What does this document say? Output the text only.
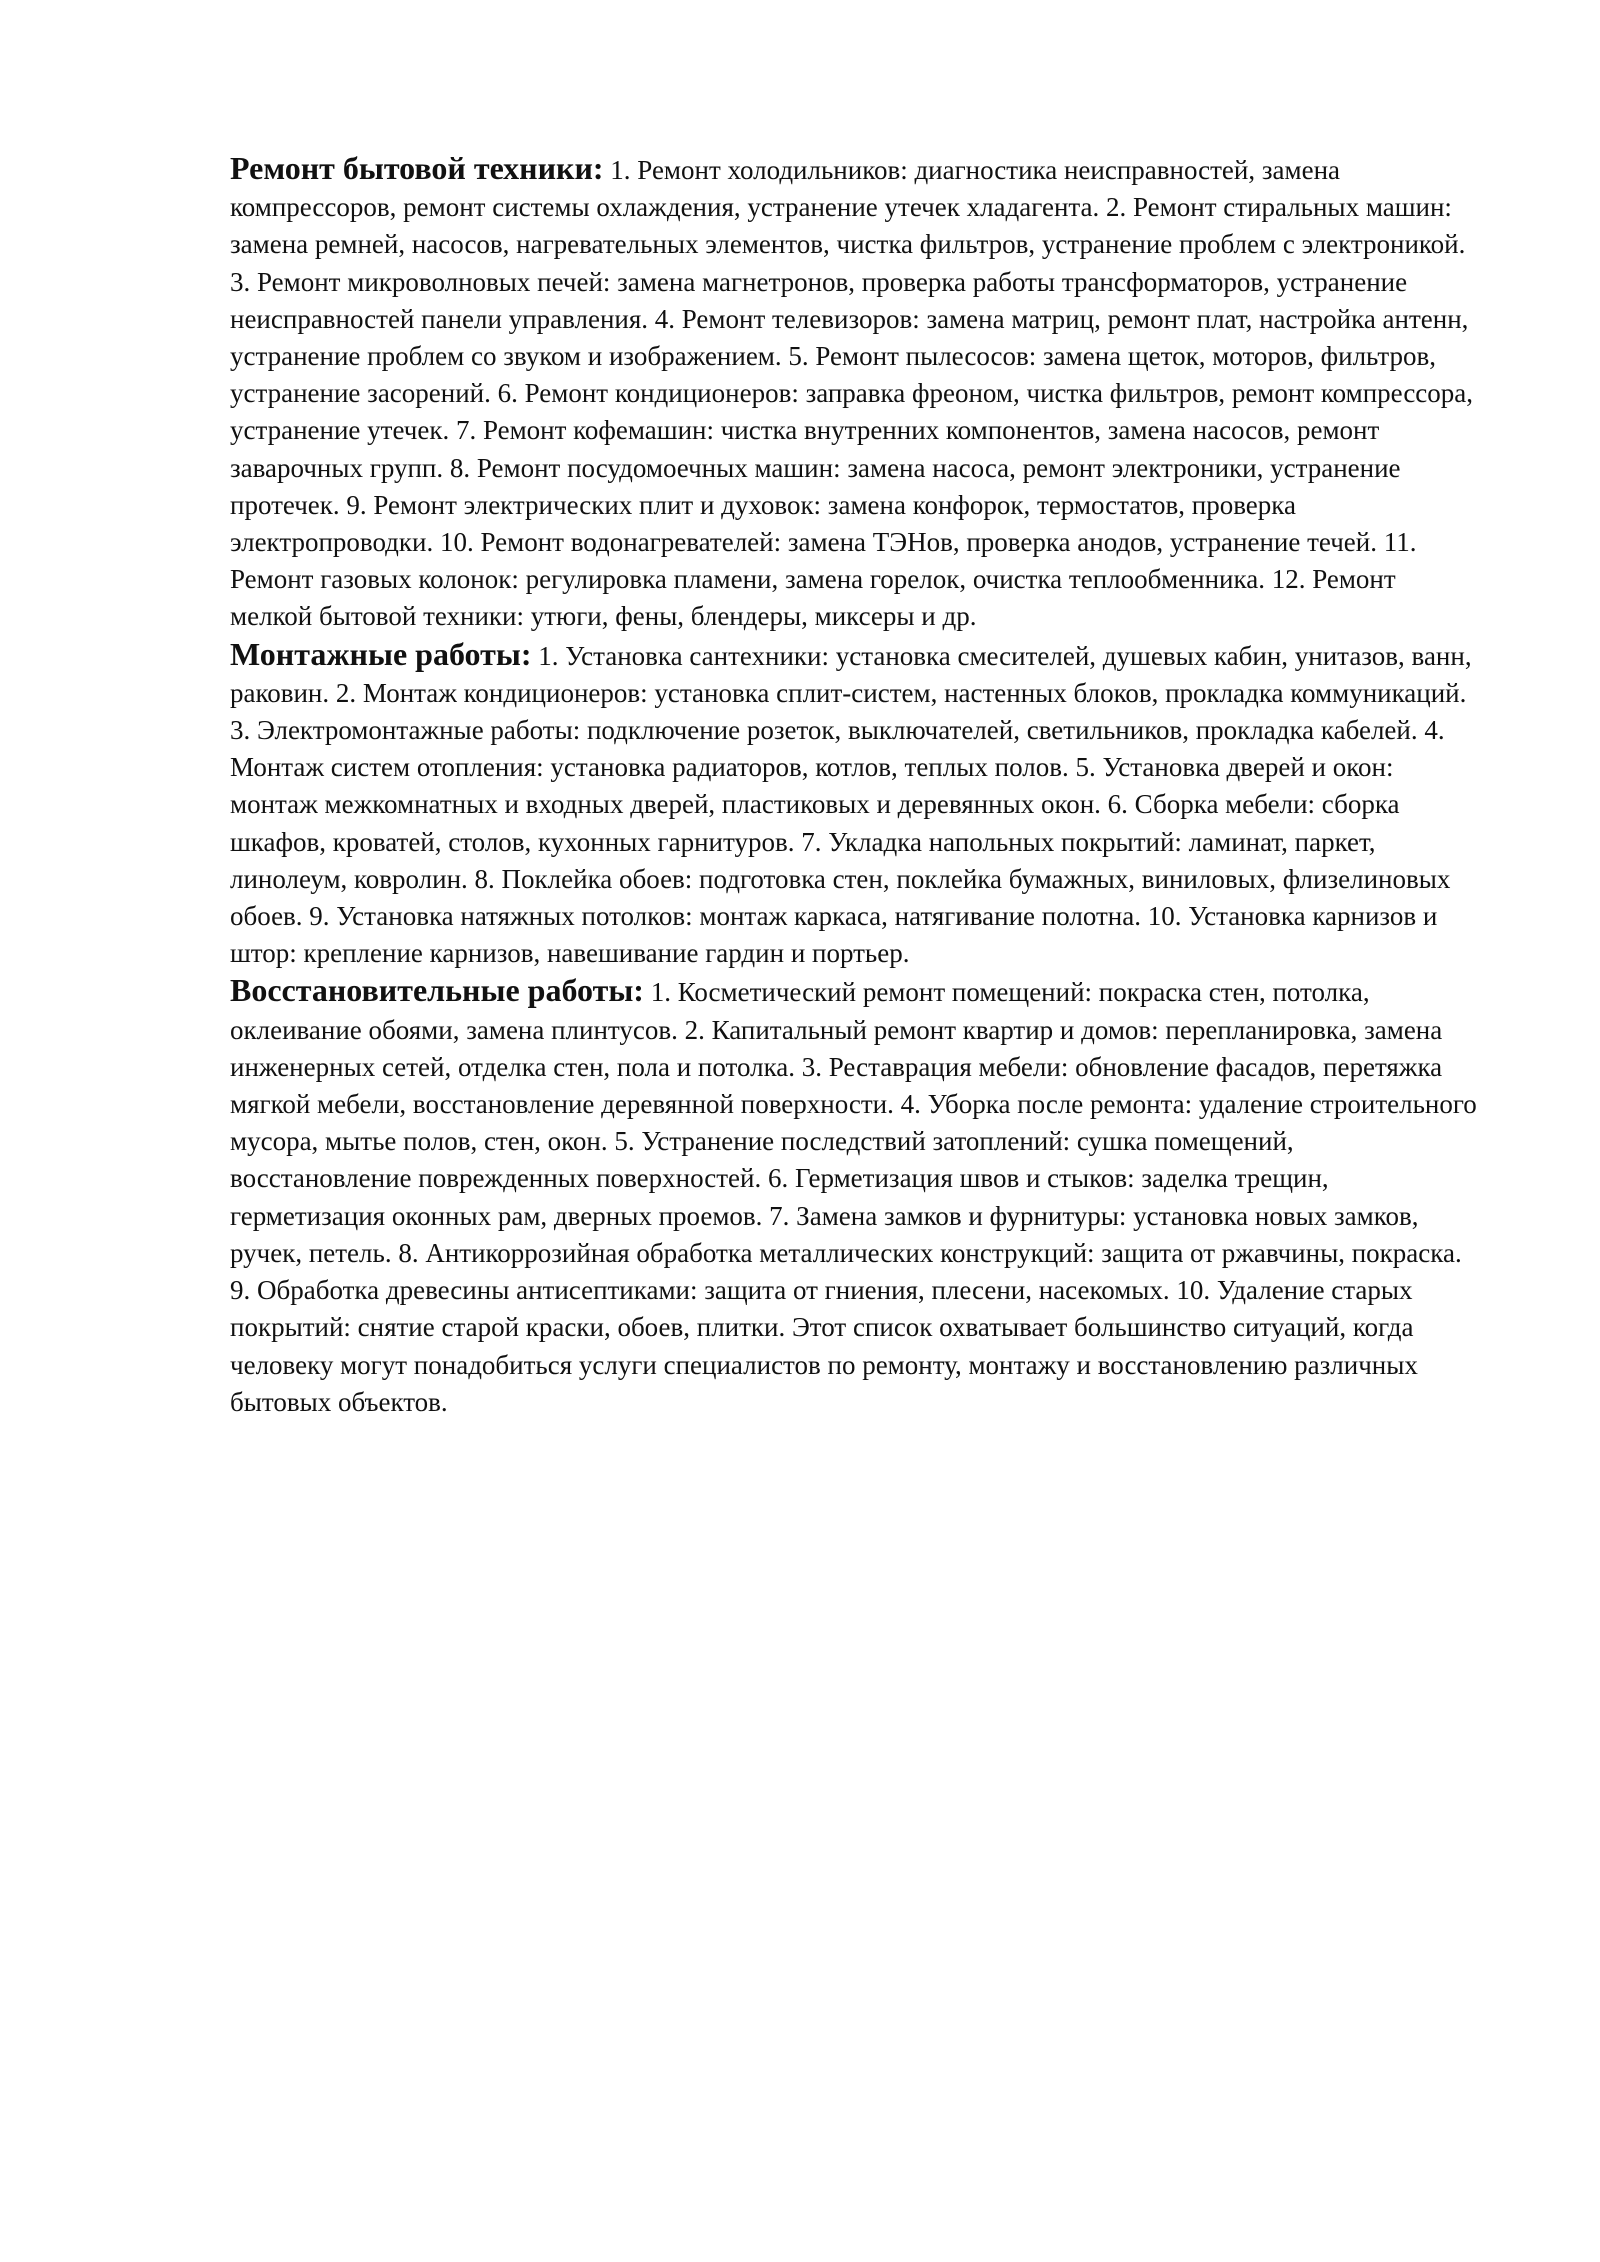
Ремонт бытовой техники: 1. Ремонт холодильников: диагностика неисправностей, замена компрессоров, ремонт системы охлаждения, устранение утечек хладагента. 2. Ремонт стиральных машин: замена ремней, насосов, нагревательных элементов, чистка фильтров, устранение проблем с электроникой. 3. Ремонт микроволновых печей: замена магнетронов, проверка работы трансформаторов, устранение неисправностей панели управления. 4. Ремонт телевизоров: замена матриц, ремонт плат, настройка антенн, устранение проблем со звуком и изображением. 5. Ремонт пылесосов: замена щеток, моторов, фильтров, устранение засорений. 6. Ремонт кондиционеров: заправка фреоном, чистка фильтров, ремонт компрессора, устранение утечек. 7. Ремонт кофемашин: чистка внутренних компонентов, замена насосов, ремонт заварочных групп. 8. Ремонт посудомоечных машин: замена насоса, ремонт электроники, устранение протечек. 9. Ремонт электрических плит и духовок: замена конфорок, термостатов, проверка электропроводки. 10. Ремонт водонагревателей: замена ТЭНов, проверка анодов, устранение течей. 11. Ремонт газовых колонок: регулировка пламени, замена горелок, очистка теплообменника. 12. Ремонт мелкой бытовой техники: утюги, фены, блендеры, миксеры и др.

Монтажные работы: 1. Установка сантехники: установка смесителей, душевых кабин, унитазов, ванн, раковин. 2. Монтаж кондиционеров: установка сплит-систем, настенных блоков, прокладка коммуникаций. 3. Электромонтажные работы: подключение розеток, выключателей, светильников, прокладка кабелей. 4. Монтаж систем отопления: установка радиаторов, котлов, теплых полов. 5. Установка дверей и окон: монтаж межкомнатных и входных дверей, пластиковых и деревянных окон. 6. Сборка мебели: сборка шкафов, кроватей, столов, кухонных гарнитуров. 7. Укладка напольных покрытий: ламинат, паркет, линолеум, ковролин. 8. Поклейка обоев: подготовка стен, поклейка бумажных, виниловых, флизелиновых обоев. 9. Установка натяжных потолков: монтаж каркаса, натягивание полотна. 10. Установка карнизов и штор: крепление карнизов, навешивание гардин и портьер.

Восстановительные работы: 1. Косметический ремонт помещений: покраска стен, потолка, оклеивание обоями, замена плинтусов. 2. Капитальный ремонт квартир и домов: перепланировка, замена инженерных сетей, отделка стен, пола и потолка. 3. Реставрация мебели: обновление фасадов, перетяжка мягкой мебели, восстановление деревянной поверхности. 4. Уборка после ремонта: удаление строительного мусора, мытье полов, стен, окон. 5. Устранение последствий затоплений: сушка помещений, восстановление поврежденных поверхностей. 6. Герметизация швов и стыков: заделка трещин, герметизация оконных рам, дверных проемов. 7. Замена замков и фурнитуры: установка новых замков, ручек, петель. 8. Антикоррозийная обработка металлических конструкций: защита от ржавчины, покраска. 9. Обработка древесины антисептиками: защита от гниения, плесени, насекомых. 10. Удаление старых покрытий: снятие старой краски, обоев, плитки. Этот список охватывает большинство ситуаций, когда человеку могут понадобиться услуги специалистов по ремонту, монтажу и восстановлению различных бытовых объектов.
